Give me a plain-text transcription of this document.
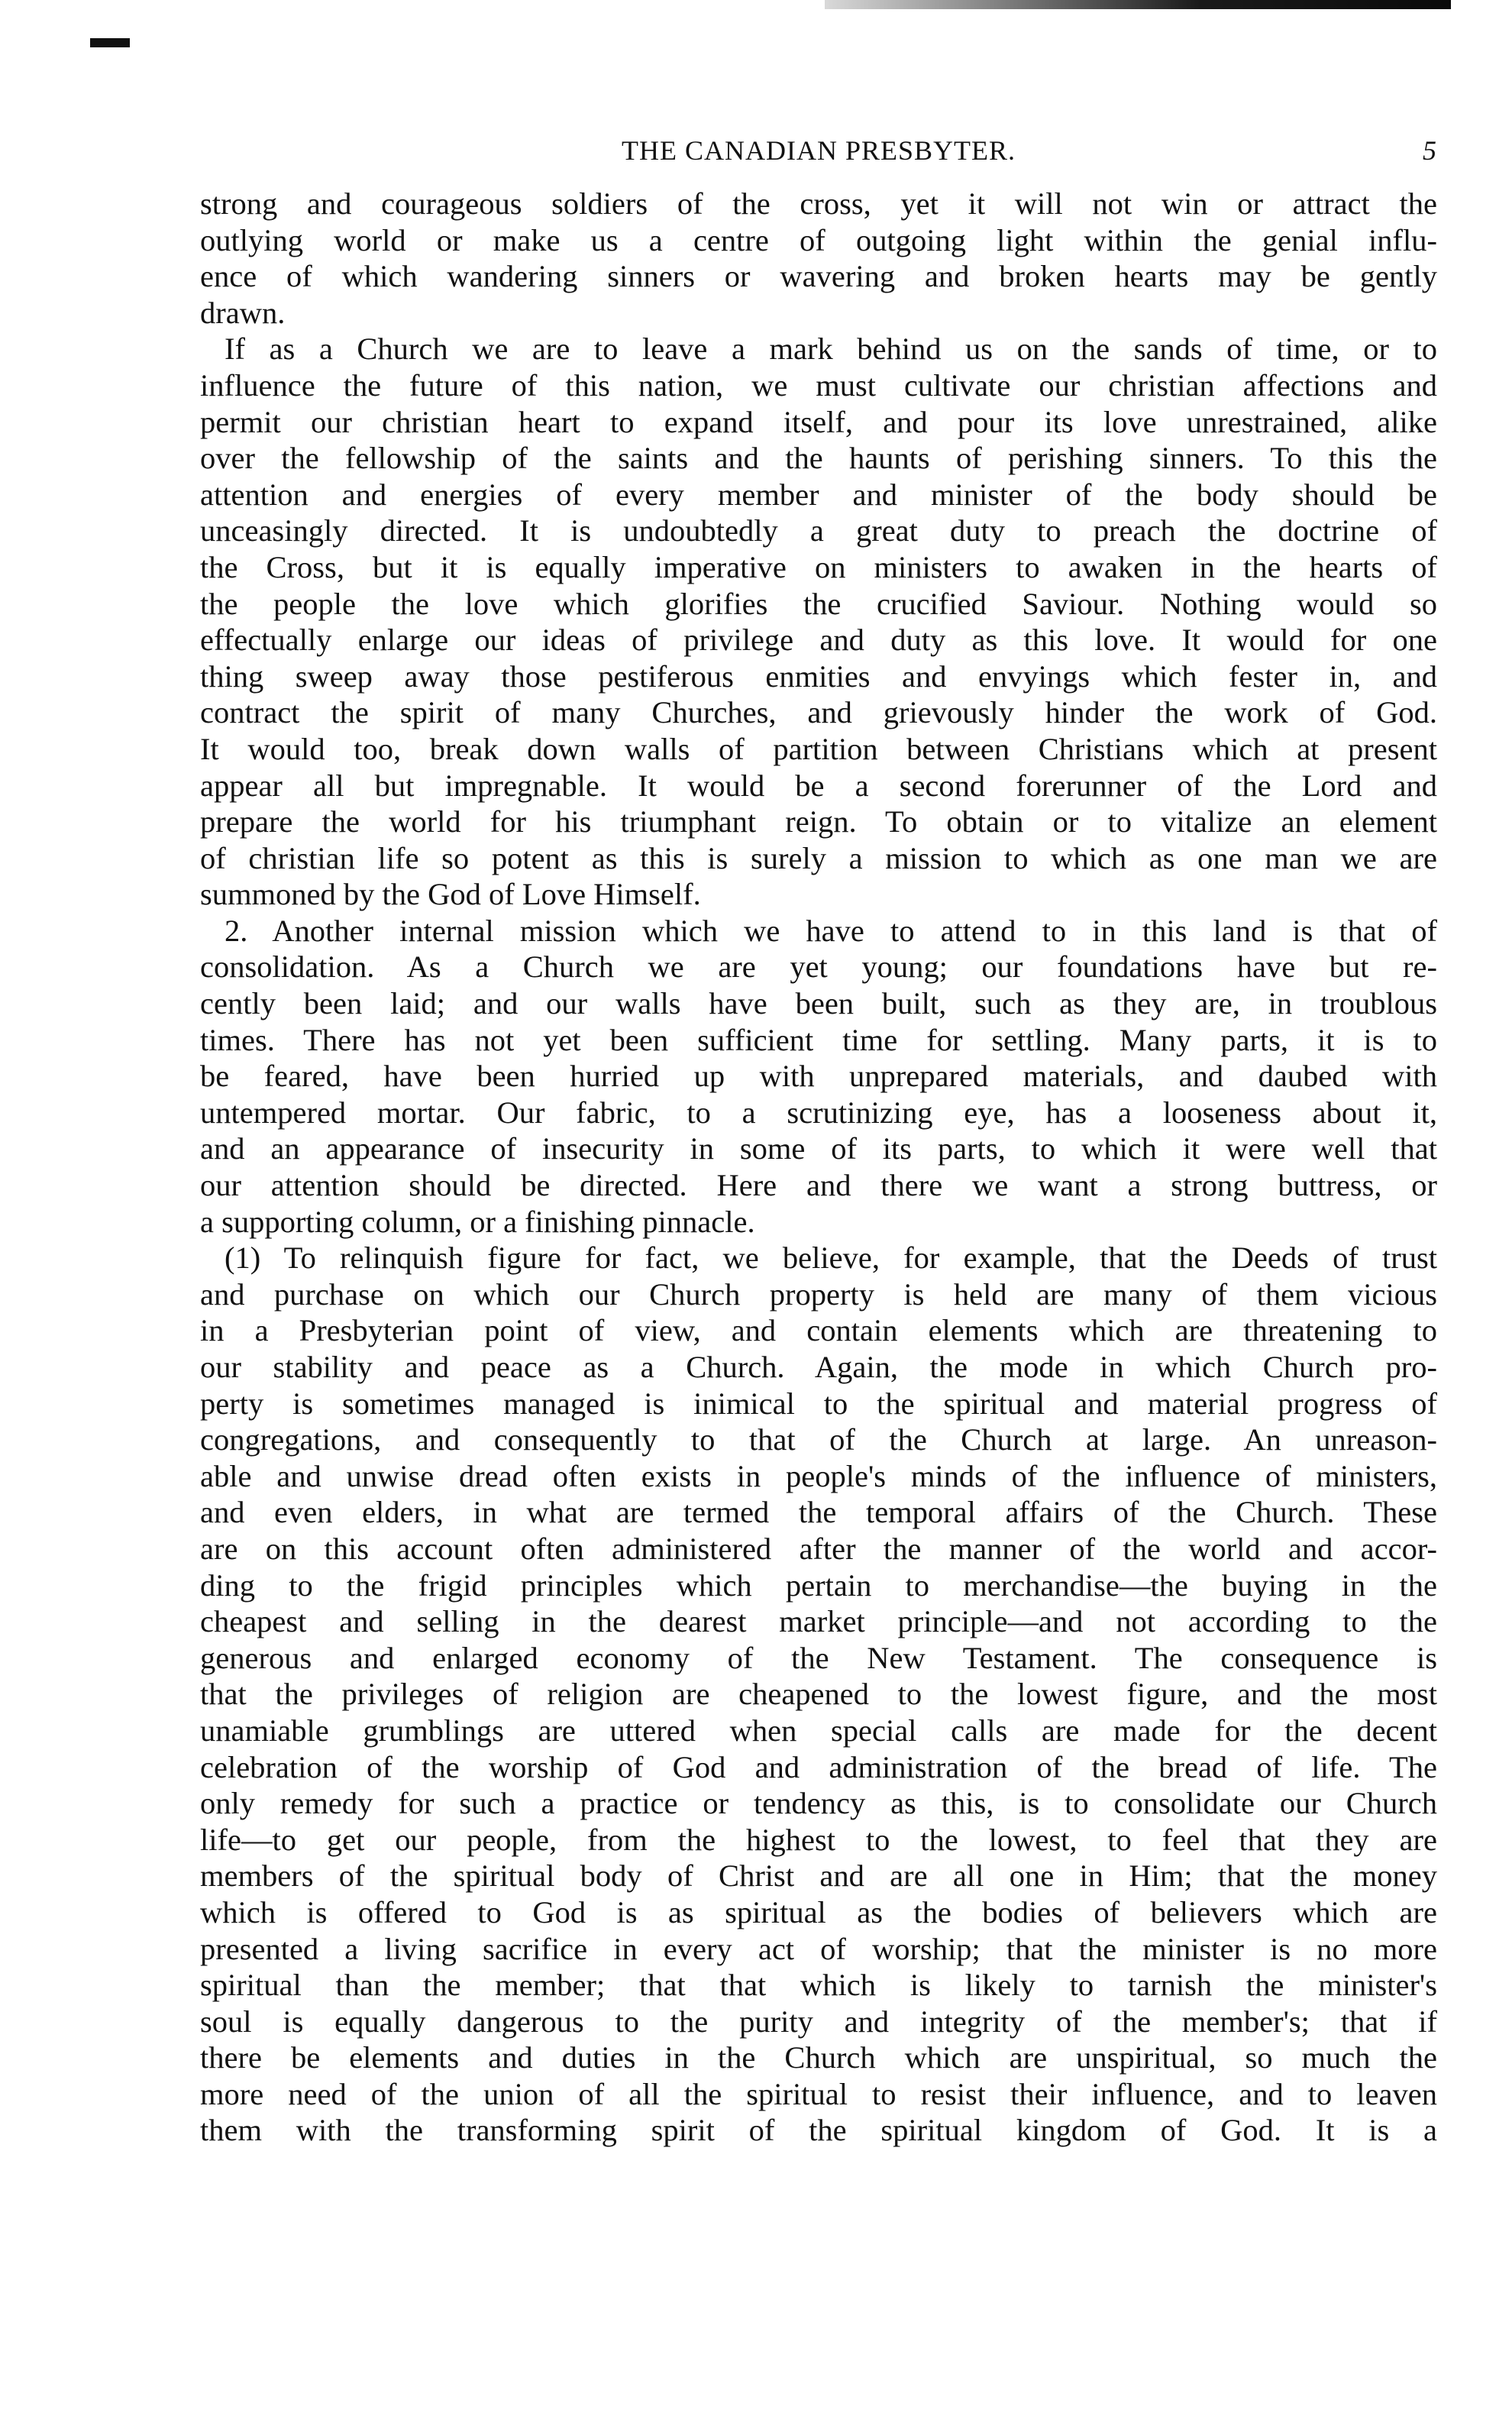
THE CANADIAN PRESBYTER.	5
strong and courageous soldiers of the cross, yet it will not win or attract the
outlying world or make us a centre of outgoing light within the genial influ-
ence of which wandering sinners or wavering and broken hearts may be gently
drawn.
If as a Church we are to leave a mark behind us on the sands of time, or to
influence the future of this nation, we must cultivate our christian affections and
permit our christian heart to expand itself, and pour its love unrestrained, alike
over the fellowship of the saints and the haunts of perishing sinners. To this the
attention and energies of every member and minister of the body should be
unceasingly directed. It is undoubtedly a great duty to preach the doctrine of
the Cross, but it is equally imperative on ministers to awaken in the hearts of
the people the love which glorifies the crucified Saviour. Nothing would so
effectually enlarge our ideas of privilege and duty as this love. It would for one
thing sweep away those pestiferous enmities and envyings which fester in, and
contract the spirit of many Churches, and grievously hinder the work of God.
It would too, break down walls of partition between Christians which at present
appear all but impregnable. It would be a second forerunner of the Lord and
prepare the world for his triumphant reign. To obtain or to vitalize an element
of christian life so potent as this is surely a mission to which as one man we are
summoned by the God of Love Himself.
2. Another internal mission which we have to attend to in this land is that of
consolidation. As a Church we are yet young; our foundations have but re-
cently been laid; and our walls have been built, such as they are, in troublous
times. There has not yet been sufficient time for settling. Many parts, it is to
be feared, have been hurried up with unprepared materials, and daubed with
untempered mortar. Our fabric, to a scrutinizing eye, has a looseness about it,
and an appearance of insecurity in some of its parts, to which it were well that
our attention should be directed. Here and there we want a strong buttress, or
a supporting column, or a finishing pinnacle.
(1) To relinquish figure for fact, we believe, for example, that the Deeds of trust
and purchase on which our Church property is held are many of them vicious
in a Presbyterian point of view, and contain elements which are threatening to
our stability and peace as a Church. Again, the mode in which Church pro-
perty is sometimes managed is inimical to the spiritual and material progress of
congregations, and consequently to that of the Church at large. An unreason-
able and unwise dread often exists in people's minds of the influence of ministers,
and even elders, in what are termed the temporal affairs of the Church. These
are on this account often administered after the manner of the world and accor-
ding to the frigid principles which pertain to merchandise—the buying in the
cheapest and selling in the dearest market principle—and not according to the
generous and enlarged economy of the New Testament. The consequence is
that the privileges of religion are cheapened to the lowest figure, and the most
unamiable grumblings are uttered when special calls are made for the decent
celebration of the worship of God and administration of the bread of life. The
only remedy for such a practice or tendency as this, is to consolidate our Church
life—to get our people, from the highest to the lowest, to feel that they are
members of the spiritual body of Christ and are all one in Him; that the money
which is offered to God is as spiritual as the bodies of believers which are
presented a living sacrifice in every act of worship; that the minister is no more
spiritual than the member; that that which is likely to tarnish the minister's
soul is equally dangerous to the purity and integrity of the member's; that if
there be elements and duties in the Church which are unspiritual, so much the
more need of the union of all the spiritual to resist their influence, and to leaven
them with the transforming spirit of the spiritual kingdom of God. It is a
